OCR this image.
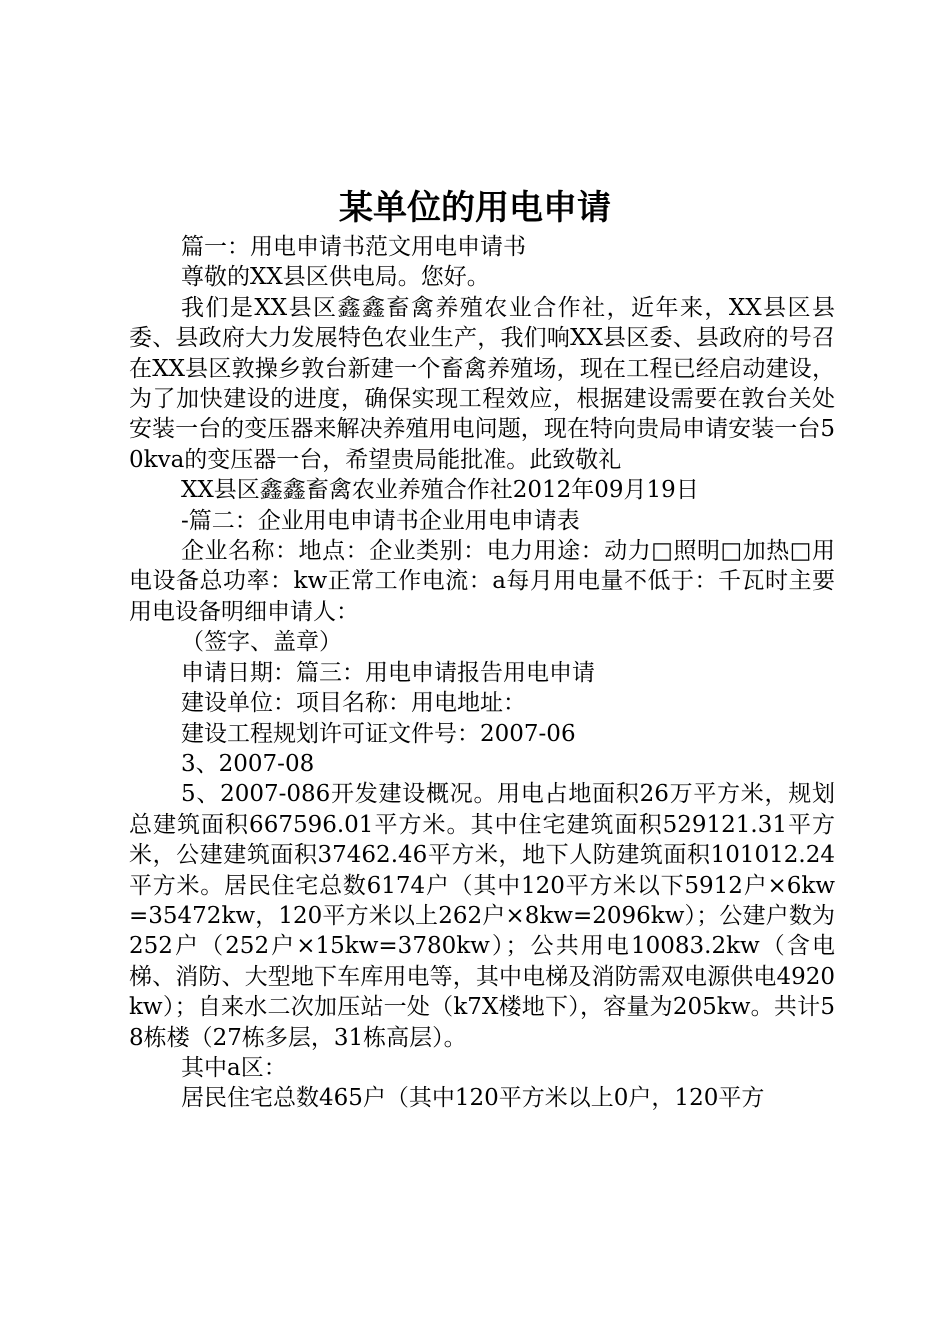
某单位的用电申请

篇一：用电申请书范文用电申请书

尊敬的XX县区供电局。您好。

我们是XX县区鑫鑫畜禽养殖农业合作社，近年来，XX县区县委、县政府大力发展特色农业生产，我们响XX县区委、县政府的号召在XX县区敦操乡敦台新建一个畜禽养殖场，现在工程已经启动建设，为了加快建设的进度，确保实现工程效应，根据建设需要在敦台关处安装一台的变压器来解决养殖用电问题，现在特向贵局申请安装一台50kva的变压器一台，希望贵局能批准。此致敬礼

XX县区鑫鑫畜禽农业养殖合作社2012年09月19日

-篇二：企业用电申请书企业用电申请表

企业名称：地点：企业类别：电力用途：动力□照明□加热□用电设备总功率：kw正常工作电流：a每月用电量不低于：千瓦时主要用电设备明细申请人：

（签字、盖章）

申请日期：篇三：用电申请报告用电申请

建设单位：项目名称：用电地址：

建设工程规划许可证文件号：2007-06

3、2007-08

5、2007-086开发建设概况。用电占地面积26万平方米，规划总建筑面积667596.01平方米。其中住宅建筑面积529121.31平方米，公建建筑面积37462.46平方米，地下人防建筑面积101012.24平方米。居民住宅总数6174户（其中120平方米以下5912户×6kw=35472kw，120平方米以上262户×8kw=2096kw）；公建户数为252户（252户×15kw=3780kw）；公共用电10083.2kw（含电梯、消防、大型地下车库用电等，其中电梯及消防需双电源供电4920kw）；自来水二次加压站一处（k7X楼地下），容量为205kw。共计58栋楼（27栋多层，31栋高层）。

其中a区：

居民住宅总数465户（其中120平方米以上0户，120平方
